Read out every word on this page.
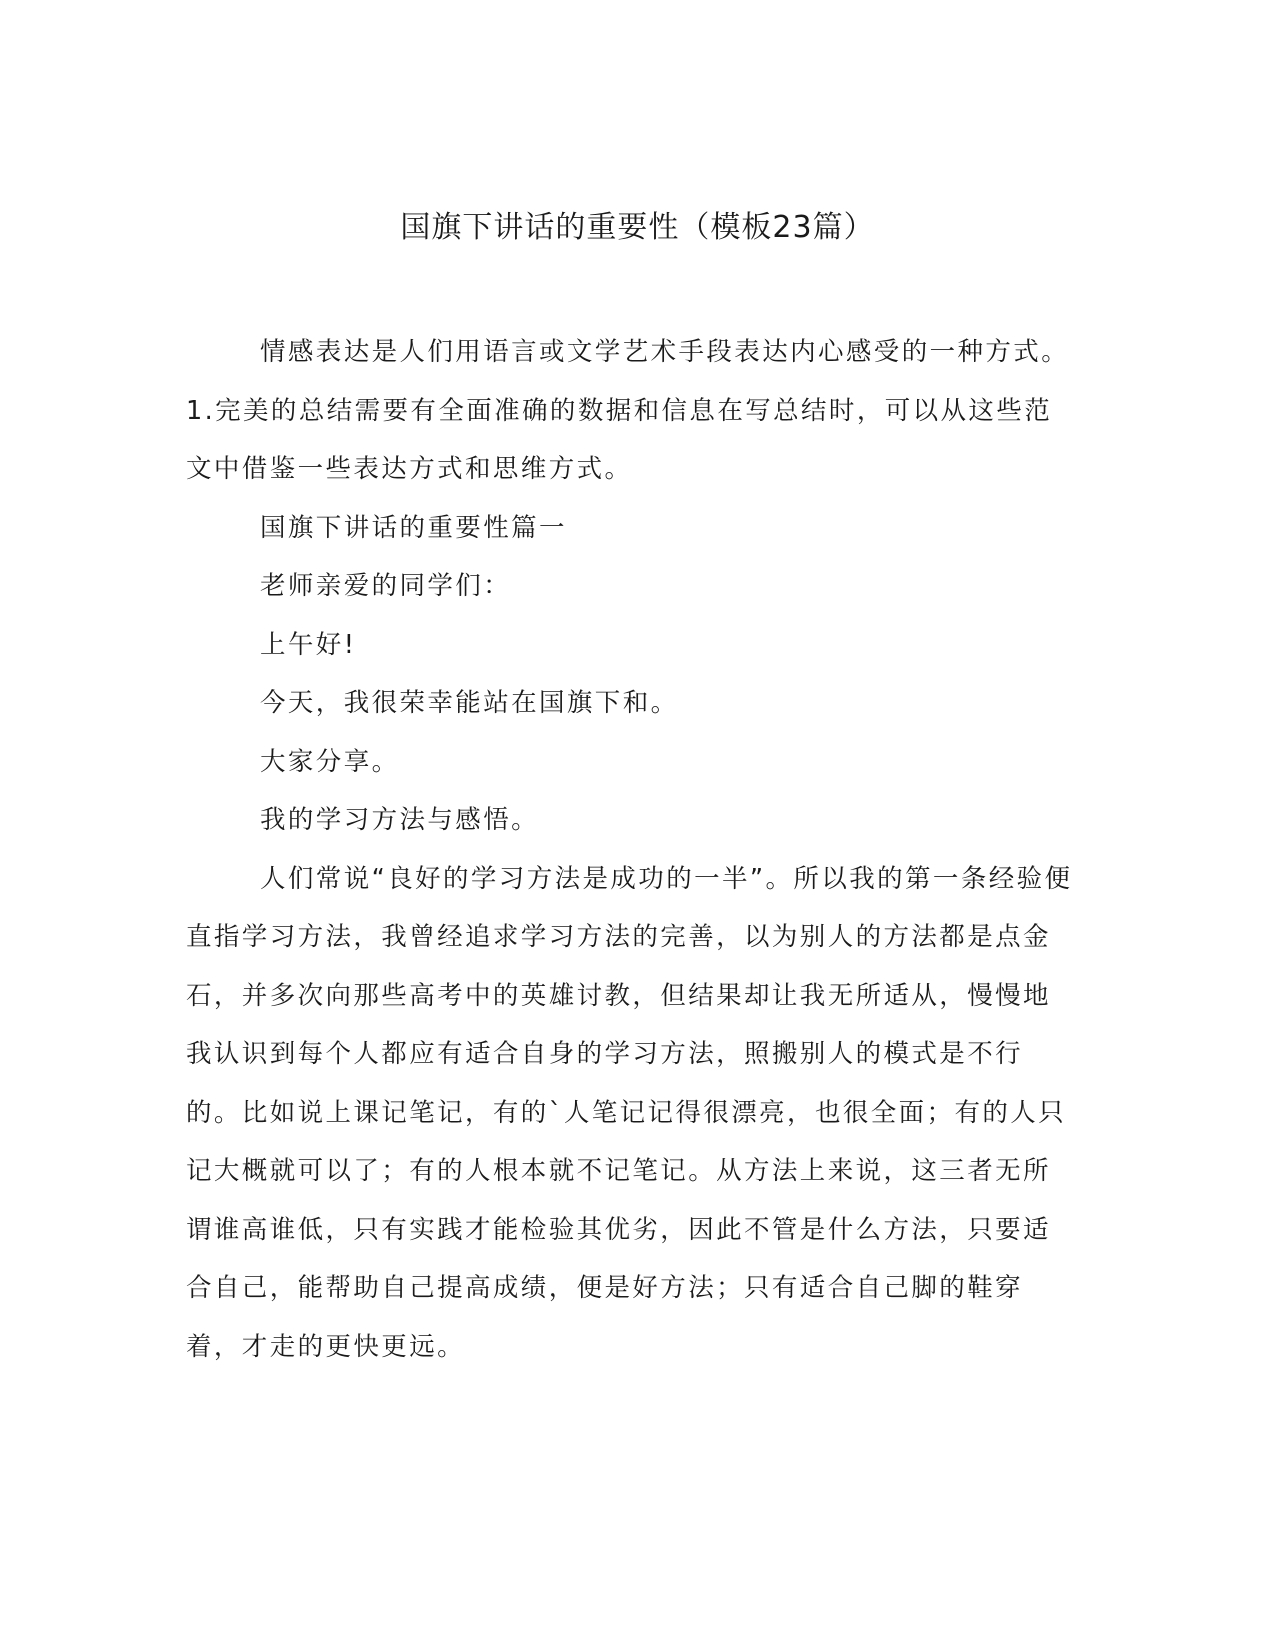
国旗下讲话的重要性（模板23篇）

情感表达是人们用语言或文学艺术手段表达内心感受的一种方式。1.完美的总结需要有全面准确的数据和信息在写总结时，可以从这些范文中借鉴一些表达方式和思维方式。

国旗下讲话的重要性篇一

老师亲爱的同学们：

上午好!

今天，我很荣幸能站在国旗下和。

大家分享。

我的学习方法与感悟。

人们常说“良好的学习方法是成功的一半”。所以我的第一条经验便直指学习方法，我曾经追求学习方法的完善，以为别人的方法都是点金石，并多次向那些高考中的英雄讨教，但结果却让我无所适从，慢慢地我认识到每个人都应有适合自身的学习方法，照搬别人的模式是不行的。比如说上课记笔记，有的`人笔记记得很漂亮，也很全面；有的人只记大概就可以了；有的人根本就不记笔记。从方法上来说，这三者无所谓谁高谁低，只有实践才能检验其优劣，因此不管是什么方法，只要适合自己，能帮助自己提高成绩，便是好方法；只有适合自己脚的鞋穿着，才走的更快更远。
